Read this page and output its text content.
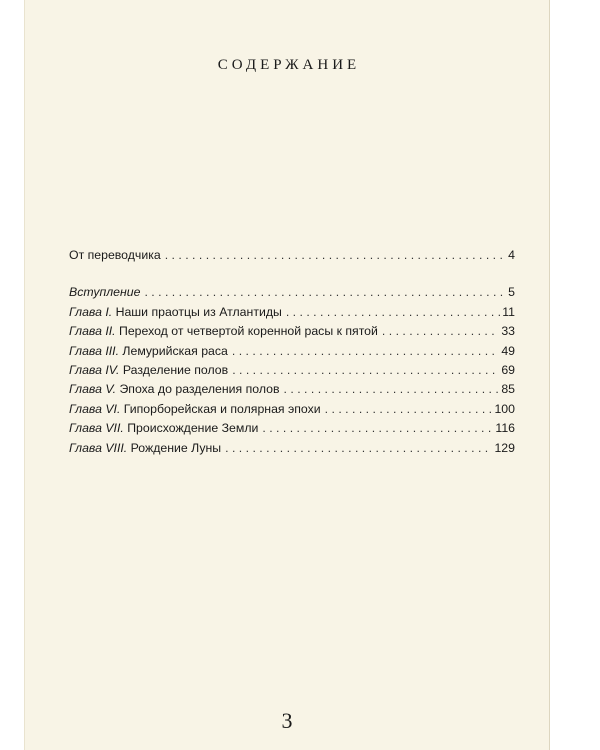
СОДЕРЖАНИЕ
От переводчика . . .	4
Вступление . . .	5
Глава I. Наши праотцы из Атлантиды . . .	11
Глава II. Переход от четвертой коренной расы к пятой . . .	33
Глава III. Лемурийская раса . . .	49
Глава IV. Разделение полов . . .	69
Глава V. Эпоха до разделения полов . . .	85
Глава VI. Гипорборейская и полярная эпохи . . .	100
Глава VII. Происхождение Земли . . .	116
Глава VIII. Рождение Луны . . .	129
3
